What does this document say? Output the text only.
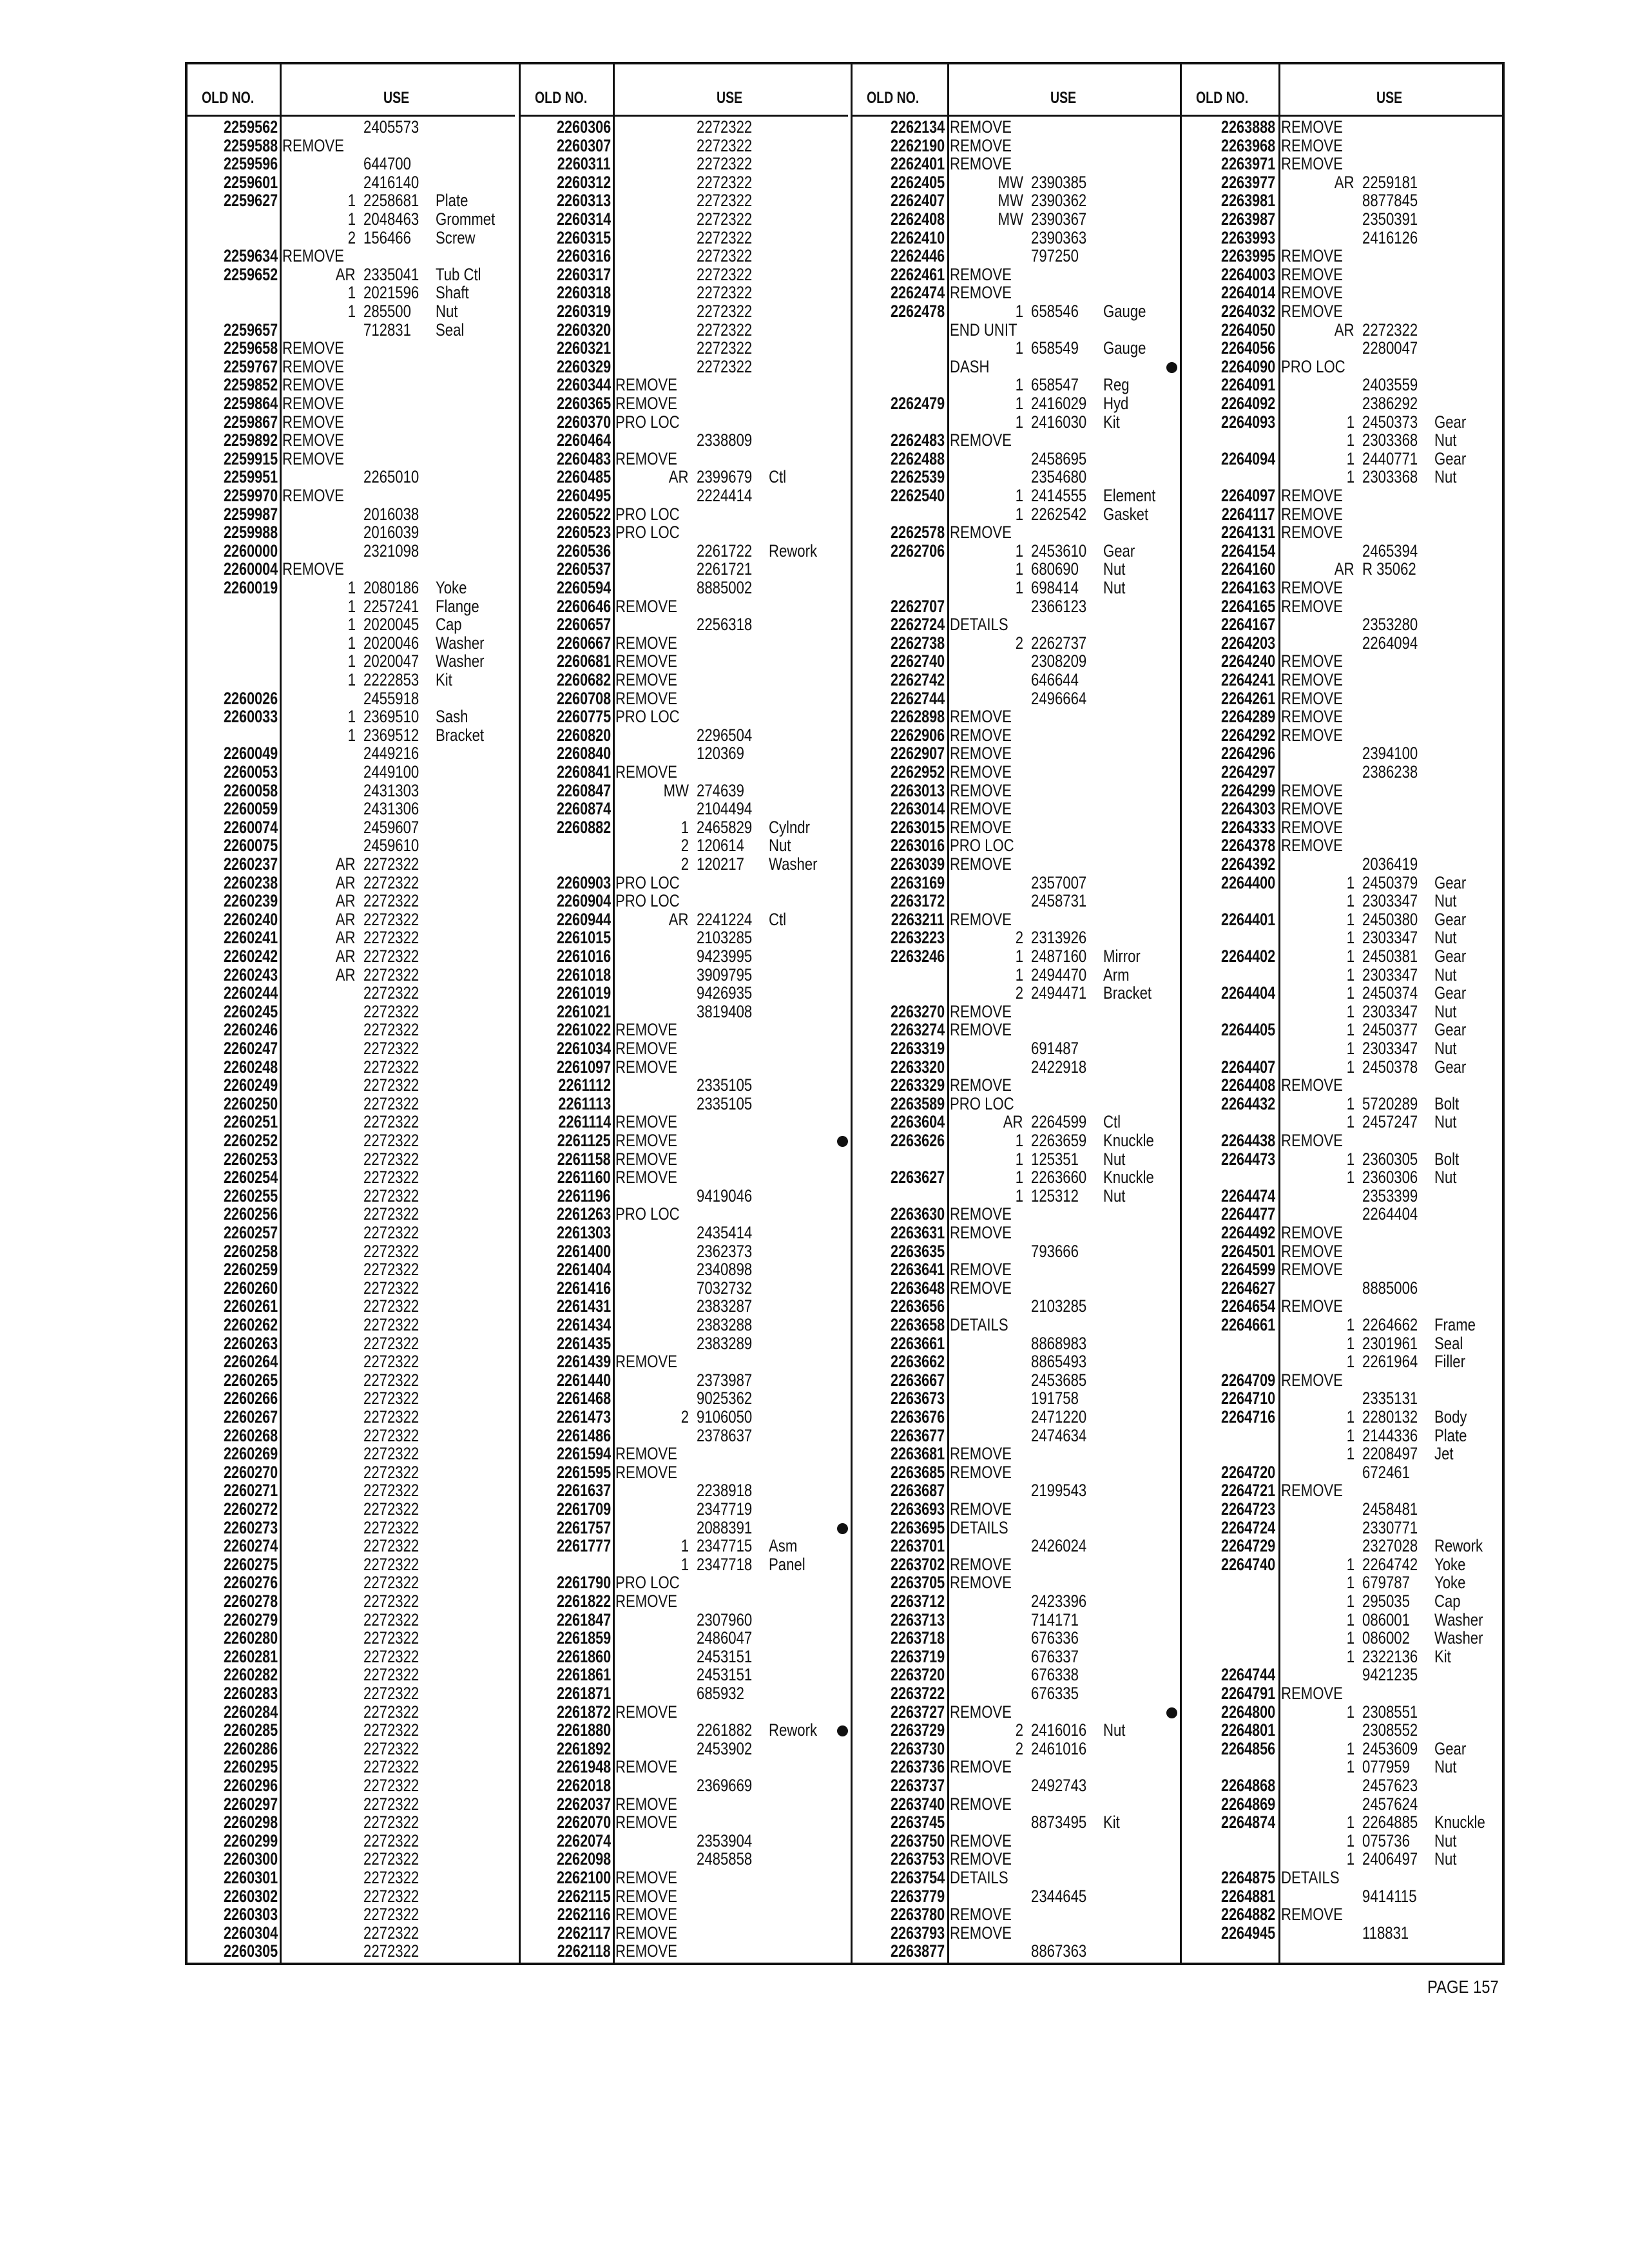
OLD NO.	USE
2259562	2405573
2259588 REMOVE
2259596	644700
2259601	2416140
2259627	1 2258681 Plate
1 2048463 Grommet
2 156466 Screw
2259634 REMOVE
2259652	AR 2335041 Tub Ctl
1 2021596 Shaft
1 285500 Nut
2259657	712831 Seal
2259658 REMOVE
2259767 REMOVE
2259852 REMOVE
2259864 REMOVE
2259867 REMOVE
2259892 REMOVE
2259915 REMOVE
2259951	2265010
2259970 REMOVE
2259987	2016038
2259988	2016039
2260000	2321098
2260004 REMOVE
2260019	1 2080186 Yoke
1 2257241 Flange
1 2020045 Cap
1 2020046 Washer
1 2020047 Washer
1 2222853 Kit
2260026	2455918
2260033	1 2369510 Sash
1 2369512 Bracket
2260049	2449216
2260053	2449100
2260058	2431303
2260059	2431306
2260074	2459607
2260075	2459610
2260237	AR 2272322
2260238	AR 2272322
2260239	AR 2272322
2260240	AR 2272322
2260241	AR 2272322
2260242	AR 2272322
2260243	AR 2272322
2260244	2272322
2260245	2272322
2260246	2272322
2260247	2272322
2260248	2272322
2260249	2272322
2260250	2272322
2260251	2272322
2260252	2272322
2260253	2272322
2260254	2272322
2260255	2272322
2260256	2272322
2260257	2272322
2260258	2272322
2260259	2272322
2260260	2272322
2260261	2272322
2260262	2272322
2260263	2272322
2260264	2272322
2260265	2272322
2260266	2272322
2260267	2272322
2260268	2272322
2260269	2272322
2260270	2272322
2260271	2272322
2260272	2272322
2260273	2272322
2260274	2272322
2260275	2272322
2260276	2272322
2260278	2272322
2260279	2272322
2260280	2272322
2260281	2272322
2260282	2272322
2260283	2272322
2260284	2272322
2260285	2272322
2260286	2272322
2260295	2272322
2260296	2272322
2260297	2272322
2260298	2272322
2260299	2272322
2260300	2272322
2260301	2272322
2260302	2272322
2260303	2272322
2260304	2272322
2260305	2272322
OLD NO.	USE
2260306	2272322
2260307	2272322
2260311	2272322
2260312	2272322
2260313	2272322
2260314	2272322
2260315	2272322
2260316	2272322
2260317	2272322
2260318	2272322
2260319	2272322
2260320	2272322
2260321	2272322
2260329	2272322
2260344 REMOVE
2260365 REMOVE
2260370 PRO LOC
2260464	2338809
2260483 REMOVE
2260485	AR 2399679 Ctl
2260495	2224414
2260522 PRO LOC
2260523 PRO LOC
2260536	2261722 Rework
2260537	2261721
2260594	8885002
2260646 REMOVE
2260657	2256318
2260667 REMOVE
2260681 REMOVE
2260682 REMOVE
2260708 REMOVE
2260775 PRO LOC
2260820	2296504
2260840	120369
2260841 REMOVE
2260847	MW 274639
2260874	2104494
2260882	1 2465829 Cylndr
2 120614 Nut
2 120217 Washer
2260903 PRO LOC
2260904 PRO LOC
2260944	AR 2241224 Ctl
2261015	2103285
2261016	9423995
2261018	3909795
2261019	9426935
2261021	3819408
2261022 REMOVE
2261034 REMOVE
2261097 REMOVE
2261112	2335105
2261113	2335105
2261114 REMOVE
2261125 REMOVE
2261158 REMOVE
2261160 REMOVE
2261196	9419046
2261263 PRO LOC
2261303	2435414
2261400	2362373
2261404	2340898
2261416	7032732
2261431	2383287
2261434	2383288
2261435	2383289
2261439 REMOVE
2261440	2373987
2261468	9025362
2261473	2 9106050
2261486	2378637
2261594 REMOVE
2261595 REMOVE
2261637	2238918
2261709	2347719
2261757	2088391
2261777	1 2347715 Asm
1 2347718 Panel
2261790 PRO LOC
2261822 REMOVE
2261847	2307960
2261859	2486047
2261860	2453151
2261861	2453151
2261871	685932
2261872 REMOVE
2261880	2261882 Rework
2261892	2453902
2261948 REMOVE
2262018	2369669
2262037 REMOVE
2262070 REMOVE
2262074	2353904
2262098	2485858
2262100 REMOVE
2262115 REMOVE
2262116 REMOVE
2262117 REMOVE
2262118 REMOVE
OLD NO.	USE
2262134 REMOVE
2262190 REMOVE
2262401 REMOVE
2262405	MW 2390385
2262407	MW 2390362
2262408	MW 2390367
2262410	2390363
2262446	797250
2262461 REMOVE
2262474 REMOVE
2262478	1 658546 Gauge
END UNIT
1 658549 Gauge
DASH
1 658547 Reg
2262479	1 2416029 Hyd
1 2416030 Kit
2262483 REMOVE
2262488	2458695
2262539	2354680
2262540	1 2414555 Element
1 2262542 Gasket
2262578 REMOVE
2262706	1 2453610 Gear
1 680690 Nut
1 698414 Nut
2262707	2366123
2262724 DETAILS
2262738	2 2262737
2262740	2308209
2262742	646644
2262744	2496664
2262898 REMOVE
2262906 REMOVE
2262907 REMOVE
2262952 REMOVE
2263013 REMOVE
2263014 REMOVE
2263015 REMOVE
2263016 PRO LOC
2263039 REMOVE
2263169	2357007
2263172	2458731
2263211 REMOVE
2263223	2 2313926
2263246	1 2487160 Mirror
1 2494470 Arm
2 2494471 Bracket
2263270 REMOVE
2263274 REMOVE
2263319	691487
2263320	2422918
2263329 REMOVE
2263589 PRO LOC
2263604	AR 2264599 Ctl
2263626	1 2263659 Knuckle
1 125351 Nut
2263627	1 2263660 Knuckle
1 125312 Nut
2263630 REMOVE
2263631 REMOVE
2263635	793666
2263641 REMOVE
2263648 REMOVE
2263656	2103285
2263658 DETAILS
2263661	8868983
2263662	8865493
2263667	2453685
2263673	191758
2263676	2471220
2263677	2474634
2263681 REMOVE
2263685 REMOVE
2263687	2199543
2263693 REMOVE
2263695 DETAILS
2263701	2426024
2263702 REMOVE
2263705 REMOVE
2263712	2423396
2263713	714171
2263718	676336
2263719	676337
2263720	676338
2263722	676335
2263727 REMOVE
2263729	2 2416016 Nut
2263730	2 2461016
2263736 REMOVE
2263737	2492743
2263740 REMOVE
2263745	8873495 Kit
2263750 REMOVE
2263753 REMOVE
2263754 DETAILS
2263779	2344645
2263780 REMOVE
2263793 REMOVE
2263877	8867363
OLD NO.	USE
2263888 REMOVE
2263968 REMOVE
2263971 REMOVE
2263977	AR 2259181
2263981	8877845
2263987	2350391
2263993	2416126
2263995 REMOVE
2264003 REMOVE
2264014 REMOVE
2264032 REMOVE
2264050	AR 2272322
2264056	2280047
2264090 PRO LOC
2264091	2403559
2264092	2386292
2264093	1 2450373 Gear
1 2303368 Nut
2264094	1 2440771 Gear
1 2303368 Nut
2264097 REMOVE
2264117 REMOVE
2264131 REMOVE
2264154	2465394
2264160	AR R 35062
2264163 REMOVE
2264165 REMOVE
2264167	2353280
2264203	2264094
2264240 REMOVE
2264241 REMOVE
2264261 REMOVE
2264289 REMOVE
2264292 REMOVE
2264296	2394100
2264297	2386238
2264299 REMOVE
2264303 REMOVE
2264333 REMOVE
2264378 REMOVE
2264392	2036419
2264400	1 2450379 Gear
1 2303347 Nut
2264401	1 2450380 Gear
1 2303347 Nut
2264402	1 2450381 Gear
1 2303347 Nut
2264404	1 2450374 Gear
1 2303347 Nut
2264405	1 2450377 Gear
1 2303347 Nut
2264407	1 2450378 Gear
2264408 REMOVE
2264432	1 5720289 Bolt
1 2457247 Nut
2264438 REMOVE
2264473	1 2360305 Bolt
1 2360306 Nut
2264474	2353399
2264477	2264404
2264492 REMOVE
2264501 REMOVE
2264599 REMOVE
2264627	8885006
2264654 REMOVE
2264661	1 2264662 Frame
1 2301961 Seal
1 2261964 Filler
2264709 REMOVE
2264710	2335131
2264716	1 2280132 Body
1 2144336 Plate
1 2208497 Jet
2264720	672461
2264721 REMOVE
2264723	2458481
2264724	2330771
2264729	2327028 Rework
2264740	1 2264742 Yoke
1 679787 Yoke
1 295035 Cap
1 086001 Washer
1 086002 Washer
1 2322136 Kit
2264744	9421235
2264791 REMOVE
2264800	1 2308551
2264801	2308552
2264856	1 2453609 Gear
1 077959 Nut
2264868	2457623
2264869	2457624
2264874	1 2264885 Knuckle
1 075736 Nut
1 2406497 Nut
2264875 DETAILS
2264881	9414115
2264882 REMOVE
2264945	118831
PAGE 157
